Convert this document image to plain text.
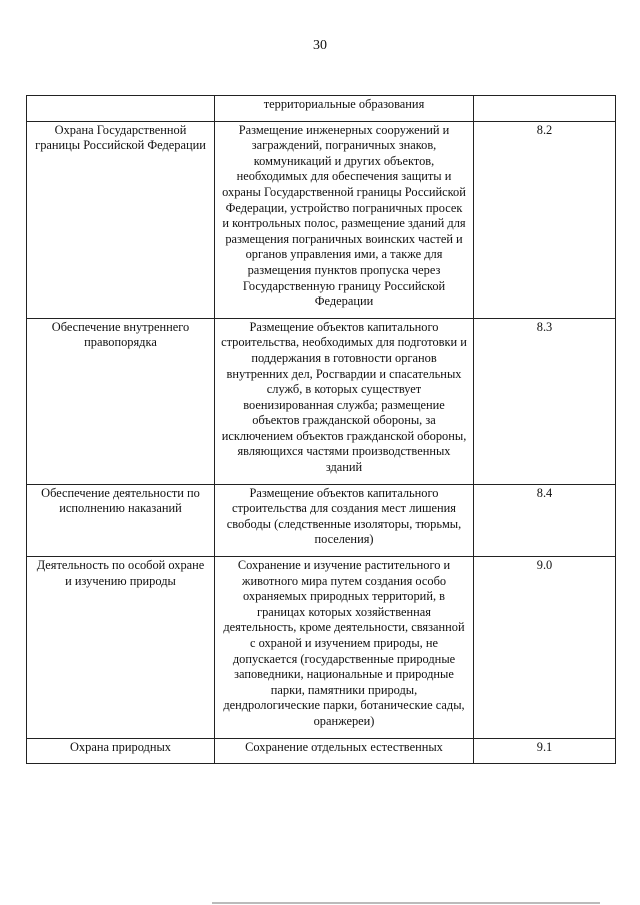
30
	территориальные образования	
Охрана Государственной границы Российской Федерации	Размещение инженерных сооружений и заграждений, пограничных знаков, коммуникаций и других объектов, необходимых для обеспечения защиты и охраны Государственной границы Российской Федерации, устройство пограничных просек и контрольных полос, размещение зданий для размещения пограничных воинских частей и органов управления ими, а также для размещения пунктов пропуска через Государственную границу Российской Федерации	8.2
Обеспечение внутреннего правопорядка	Размещение объектов капитального строительства, необходимых для подготовки и поддержания в готовности органов внутренних дел, Росгвардии и спасательных служб, в которых существует военизированная служба; размещение объектов гражданской обороны, за исключением объектов гражданской обороны, являющихся частями производственных зданий	8.3
Обеспечение деятельности по исполнению наказаний	Размещение объектов капитального строительства для создания мест лишения свободы (следственные изоляторы, тюрьмы, поселения)	8.4
Деятельность по особой охране и изучению природы	Сохранение и изучение растительного и животного мира путем создания особо охраняемых природных территорий, в границах которых хозяйственная деятельность, кроме деятельности, связанной с охраной и изучением природы, не допускается (государственные природные заповедники, национальные и природные парки, памятники природы, дендрологические парки, ботанические сады, оранжереи)	9.0
Охрана природных	Сохранение отдельных естественных	9.1
